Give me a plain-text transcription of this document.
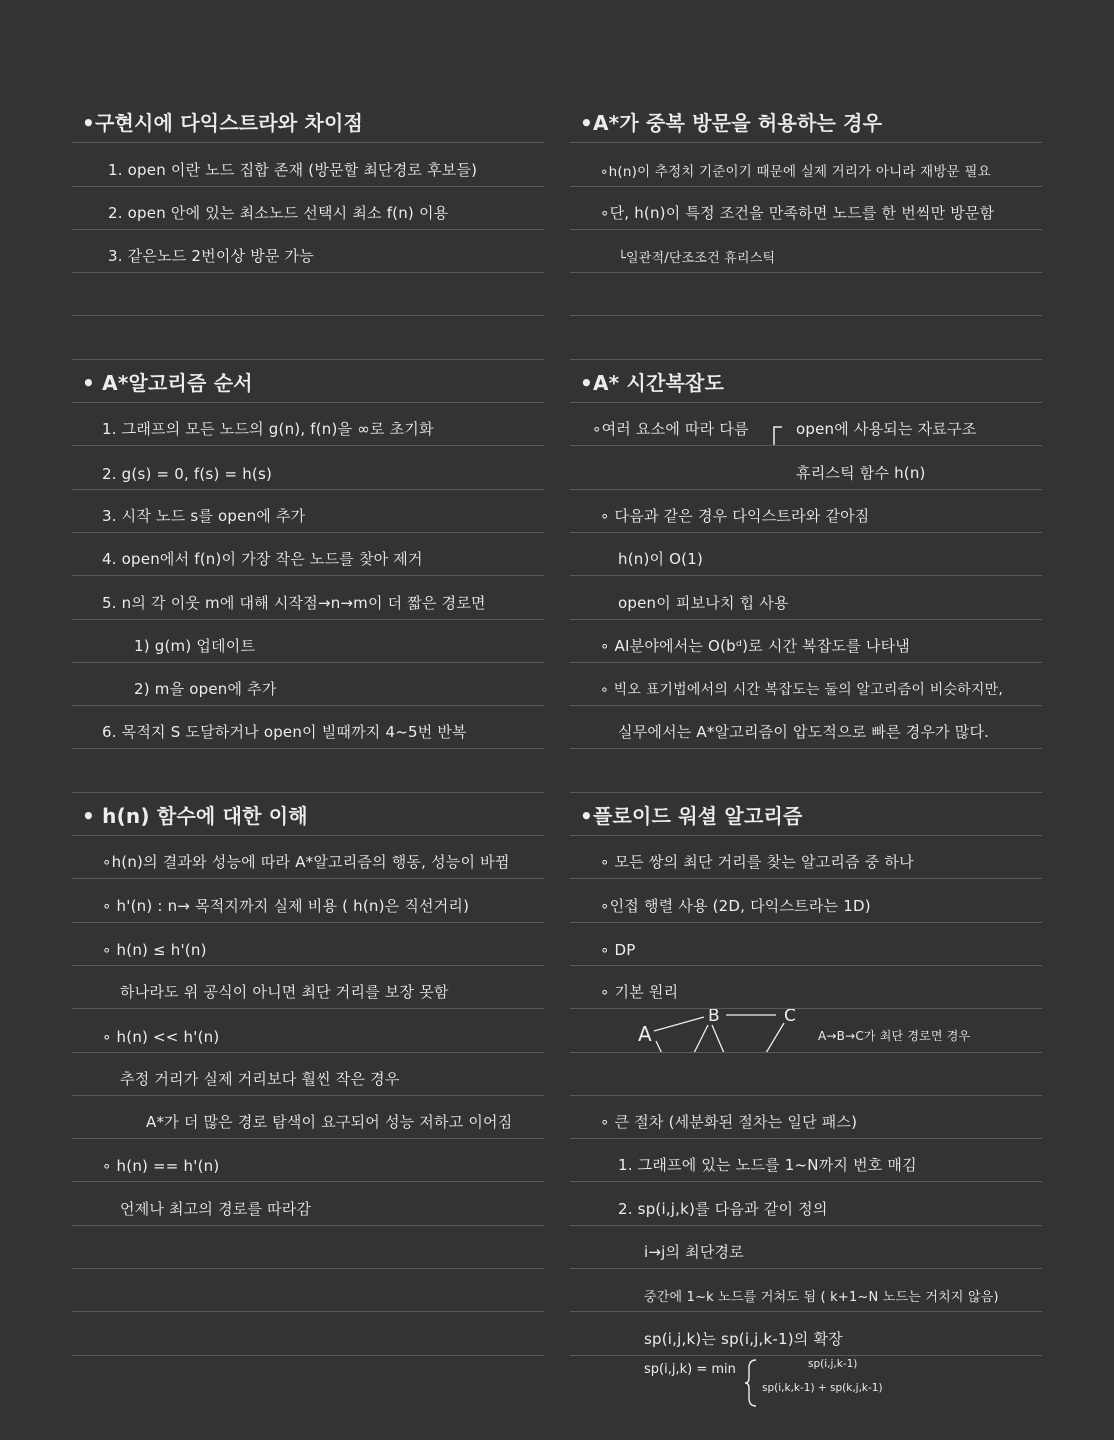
•구현시에 다익스트라와 차이점
1. open 이란 노드 집합 존재 (방문할 최단경로 후보들)
2. open 안에 있는 최소노드 선택시 최소 f(n) 이용
3. 같은노드 2번이상 방문 가능
• A*알고리즘 순서
1. 그래프의 모든 노드의 g(n), f(n)을 ∞로 초기화
2. g(s) = 0, f(s) = h(s)
3. 시작 노드 s를 open에 추가
4. open에서 f(n)이 가장 작은 노드를 찾아 제거
5. n의 각 이웃 m에 대해 시작점→n→m이 더 짧은 경로면
1) g(m) 업데이트
2) m을 open에 추가
6. 목적지 S 도달하거나 open이 빌때까지 4~5번 반복
• h(n) 함수에 대한 이해
∘h(n)의 결과와 성능에 따라 A*알고리즘의 행동, 성능이 바뀜
∘ h'(n) : n→ 목적지까지 실제 비용 ( h(n)은 직선거리)
∘ h(n) ≤ h'(n)
하나라도 위 공식이 아니면 최단 거리를 보장 못함
∘ h(n) << h'(n)
추정 거리가 실제 거리보다 훨씬 작은 경우
A*가 더 많은 경로 탐색이 요구되어 성능 저하고 이어짐
∘ h(n) == h'(n)
언제나 최고의 경로를 따라감
•A*가 중복 방문을 허용하는 경우
∘h(n)이 추정치 기준이기 때문에 실제 거리가 아니라 재방문 필요
∘단, h(n)이 특정 조건을 만족하면 노드를 한 번씩만 방문함
└일관적/단조조건 휴리스틱
•A* 시간복잡도
∘여러 요소에 따라 다름	open에 사용되는 자료구조
휴리스틱 함수 h(n)
∘ 다음과 같은 경우 다익스트라와 같아짐
h(n)이 O(1)
open이 피보나치 힙 사용
∘ AI분야에서는 O(bᵈ)로 시간 복잡도를 나타냄
∘ 빅오 표기법에서의 시간 복잡도는 둘의 알고리즘이 비슷하지만,
실무에서는 A*알고리즘이 압도적으로 빠른 경우가 많다.
•플로이드 워셜 알고리즘
∘ 모든 쌍의 최단 거리를 찾는 알고리즘 중 하나
∘인접 행렬 사용 (2D, 다익스트라는 1D)
∘ DP
∘ 기본 원리
A
B	C
D	E
A→B→C가 최단 경로면 경우
∘ 큰 절차 (세분화된 절차는 일단 패스)
1. 그래프에 있는 노드를 1~N까지 번호 매김
2. sp(i,j,k)를 다음과 같이 정의
i→j의 최단경로
중간에 1~k 노드를 거쳐도 됨 ( k+1~N 노드는 거치지 않음)
sp(i,j,k)는 sp(i,j,k-1)의 확장
sp(i,j,k) = min	sp(i,j,k-1)
sp(i,k,k-1) + sp(k,j,k-1)
